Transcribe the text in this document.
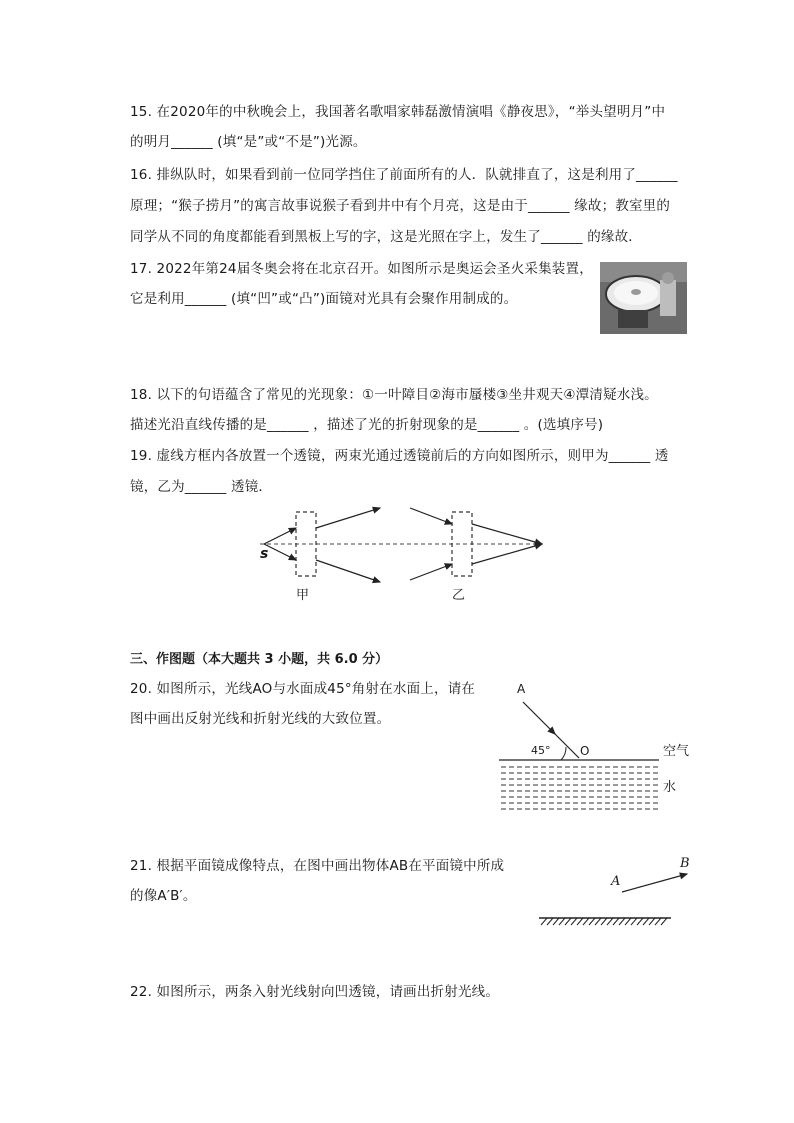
15. 在2020年的中秋晚会上，我国著名歌唱家韩磊激情演唱《静夜思》，“举头望明月”中
的明月______ (填“是”或“不是”)光源。
16. 排纵队时，如果看到前一位同学挡住了前面所有的人．队就排直了，这是利用了______
原理；“猴子捞月”的寓言故事说猴子看到井中有个月亮，这是由于______ 缘故；教室里的
同学从不同的角度都能看到黑板上写的字，这是光照在字上，发生了______ 的缘故．
17. 2022年第24届冬奥会将在北京召开。如图所示是奥运会圣火采集装置，
它是利用______ (填“凹”或“凸”)面镜对光具有会聚作用制成的。
18. 以下的句语蕴含了常见的光现象：①一叶障目②海市蜃楼③坐井观天④潭清疑水浅。
描述光沿直线传播的是______ ，描述了光的折射现象的是______ 。(选填序号)
19. 虚线方框内各放置一个透镜，两束光通过透镜前后的方向如图所示，则甲为______ 透
镜，乙为______ 透镜．
s
甲	乙
三、作图题（本大题共 3 小题，共 6.0 分）
20. 如图所示，光线AO与水面成45°角射在水面上，请在
图中画出反射光线和折射光线的大致位置。
A
O
45°	空气
水
21. 根据平面镜成像特点，在图中画出物体AB在平面镜中所成
的像A′B′。
A
B
22. 如图所示，两条入射光线射向凹透镜，请画出折射光线。
